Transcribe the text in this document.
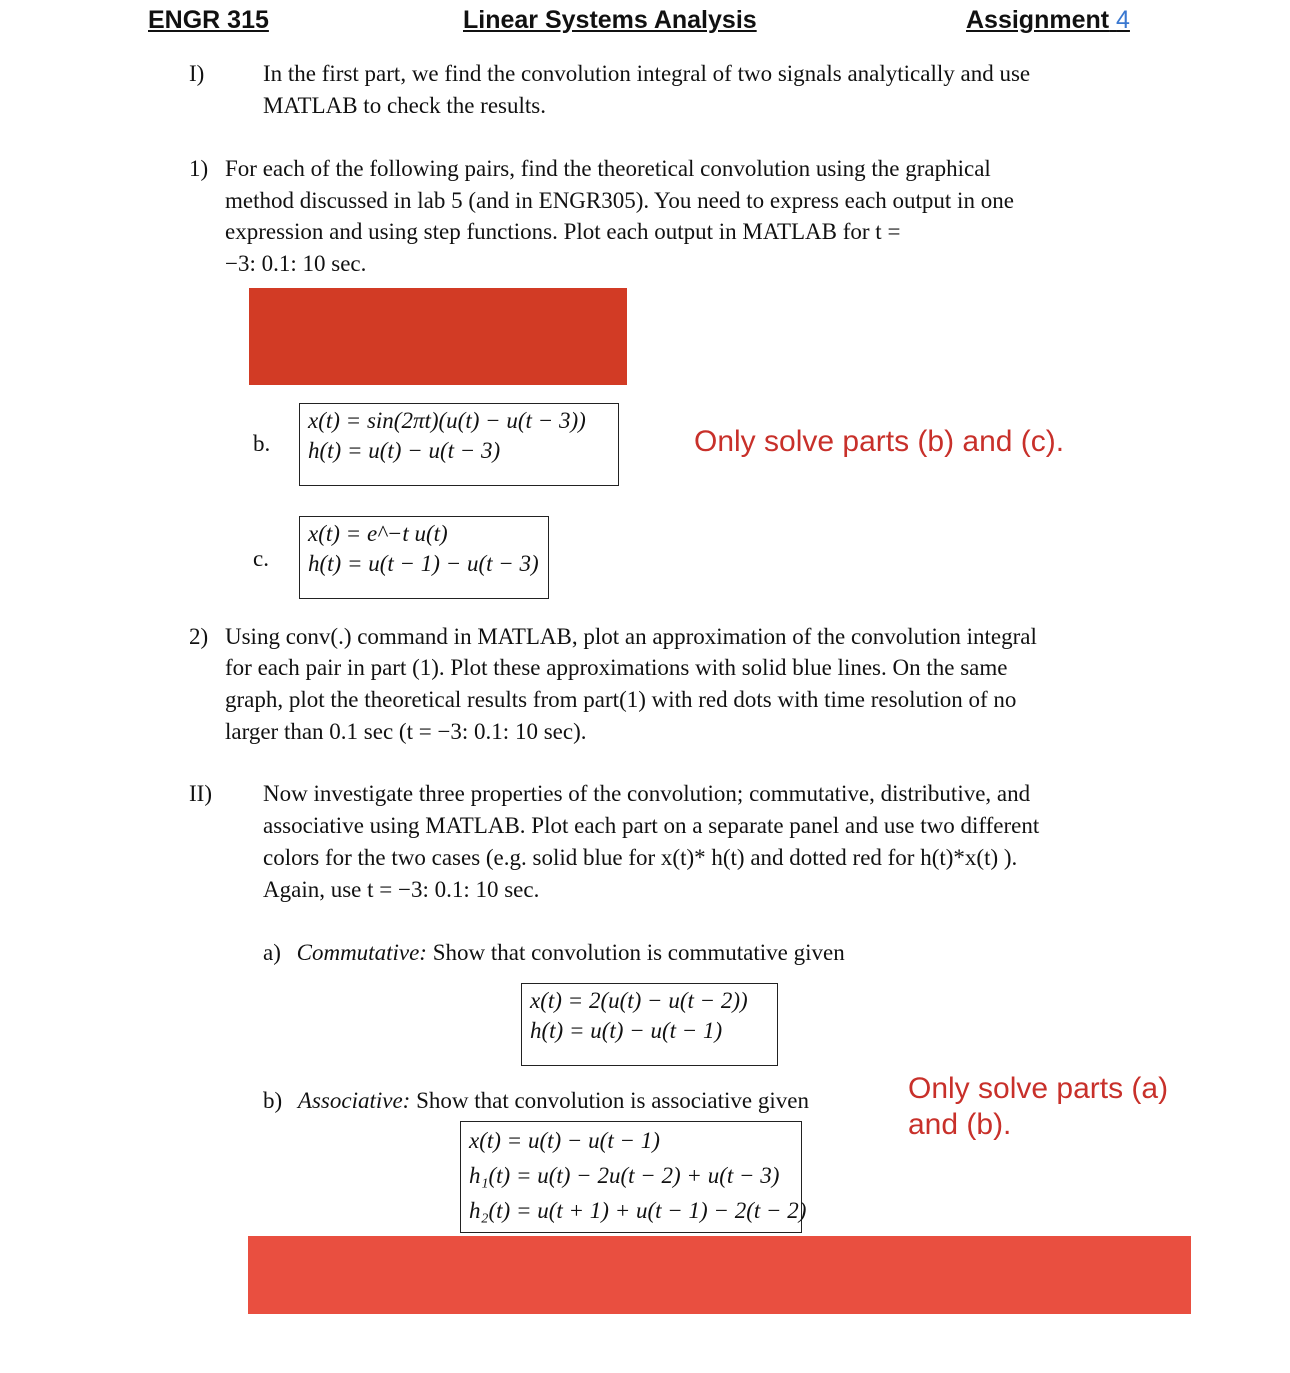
ENGR 315	Linear Systems Analysis	Assignment 4
I)	In the first part, we find the convolution integral of two signals analytically and use
MATLAB to check the results.
1) For each of the following pairs, find the theoretical convolution using the graphical
method discussed in lab 5 (and in ENGR305). You need to express each output in one
expression and using step functions. Plot each output in MATLAB for t =
−3: 0.1: 10 sec.
b.
x(t) = sin(2πt)(u(t) − u(t − 3))
h(t) = u(t) − u(t − 3)	Only solve parts (b) and (c).
c.
x(t) = e^−t u(t)
h(t) = u(t − 1) − u(t − 3)
2) Using conv(.) command in MATLAB, plot an approximation of the convolution integral
for each pair in part (1). Plot these approximations with solid blue lines. On the same
graph, plot the theoretical results from part(1) with red dots with time resolution of no
larger than 0.1 sec (t = −3: 0.1: 10 sec).
II) Now investigate three properties of the convolution; commutative, distributive, and
associative using MATLAB. Plot each part on a separate panel and use two different
colors for the two cases (e.g. solid blue for x(t)* h(t) and dotted red for h(t)*x(t) ).
Again, use t = −3: 0.1: 10 sec.
a) Commutative: Show that convolution is commutative given
x(t) = 2(u(t) − u(t − 2))
h(t) = u(t) − u(t − 1)
b) Associative: Show that convolution is associative given
x(t) = u(t) − u(t − 1)
h₁(t) = u(t) − 2u(t − 2) + u(t − 3)
h₂(t) = u(t + 1) + u(t − 1) − 2(t − 2)
Only solve parts (a)
and (b).
